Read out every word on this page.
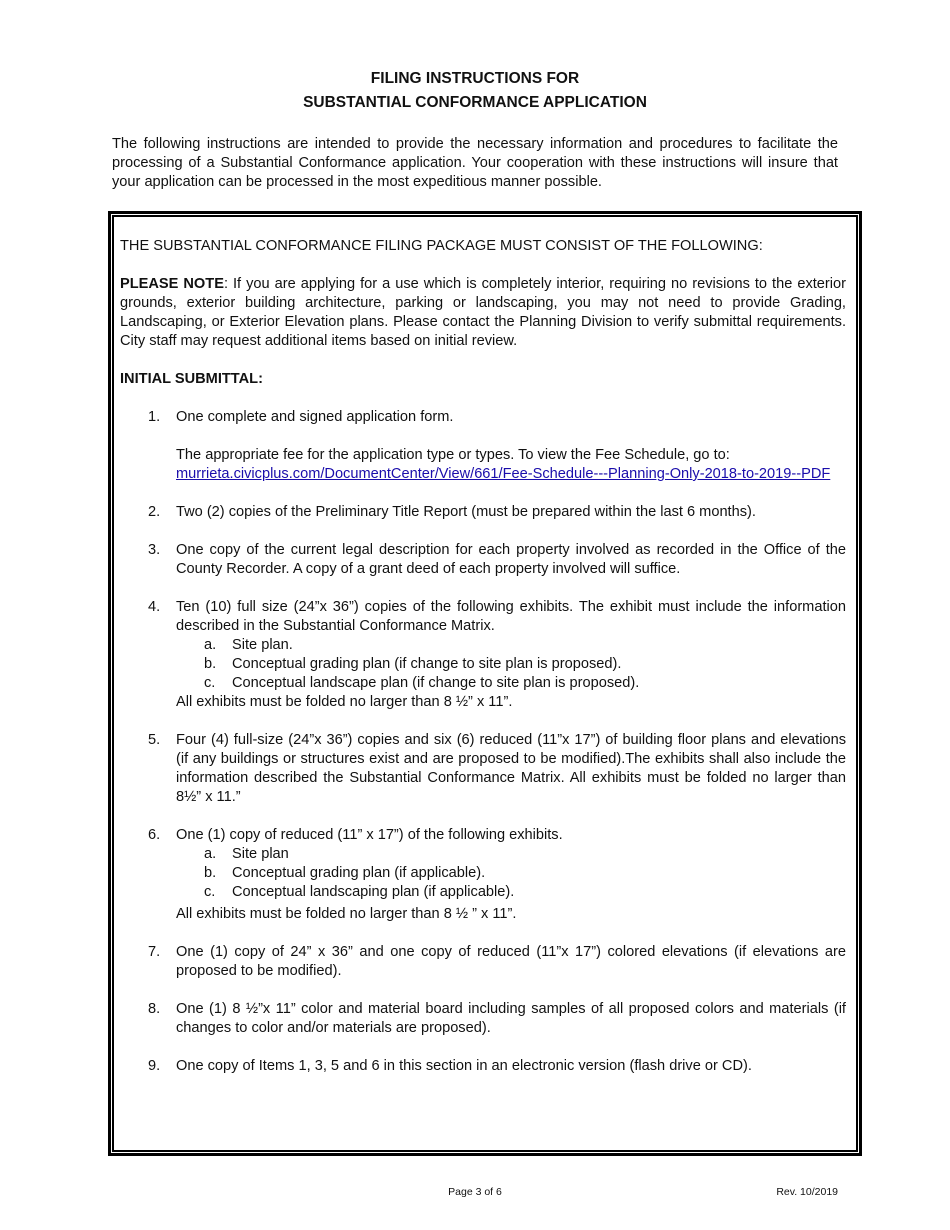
FILING INSTRUCTIONS FOR
SUBSTANTIAL CONFORMANCE APPLICATION
The following instructions are intended to provide the necessary information and procedures to facilitate the processing of a Substantial Conformance application. Your cooperation with these instructions will insure that your application can be processed in the most expeditious manner possible.

THE SUBSTANTIAL CONFORMANCE FILING PACKAGE MUST CONSIST OF THE FOLLOWING:

PLEASE NOTE: If you are applying for a use which is completely interior, requiring no revisions to the exterior grounds, exterior building architecture, parking or landscaping, you may not need to provide Grading, Landscaping, or Exterior Elevation plans. Please contact the Planning Division to verify submittal requirements. City staff may request additional items based on initial review.

INITIAL SUBMITTAL:

1.	One complete and signed application form.
The appropriate fee for the application type or types. To view the Fee Schedule, go to:
murrieta.civicplus.com/DocumentCenter/View/661/Fee-Schedule---Planning-Only-2018-to-2019--PDF
2.	Two (2) copies of the Preliminary Title Report (must be prepared within the last 6 months).
3.	One copy of the current legal description for each property involved as recorded in the Office of the County Recorder. A copy of a grant deed of each property involved will suffice.
4.	Ten (10) full size (24”x 36”) copies of the following exhibits. The exhibit must include the information described in the Substantial Conformance Matrix.
a. Site plan.
b. Conceptual grading plan (if change to site plan is proposed).
c. Conceptual landscape plan (if change to site plan is proposed).
All exhibits must be folded no larger than 8 ½” x 11”.
5.	Four (4) full-size (24”x 36”) copies and six (6) reduced (11”x 17”) of building floor plans and elevations (if any buildings or structures exist and are proposed to be modified).The exhibits shall also include the information described the Substantial Conformance Matrix. All exhibits must be folded no larger than 8½” x 11.”
6.	One (1) copy of reduced (11” x 17”) of the following exhibits.
a. Site plan
b. Conceptual grading plan (if applicable).
c. Conceptual landscaping plan (if applicable).
All exhibits must be folded no larger than 8 ½ ” x 11”.
7.	One (1) copy of 24” x 36” and one copy of reduced (11”x 17”) colored elevations (if elevations are proposed to be modified).
8.	One (1) 8 ½”x 11” color and material board including samples of all proposed colors and materials (if changes to color and/or materials are proposed).
9.	One copy of Items 1, 3, 5 and 6 in this section in an electronic version (flash drive or CD).
Page 3 of 6	Rev. 10/2019
